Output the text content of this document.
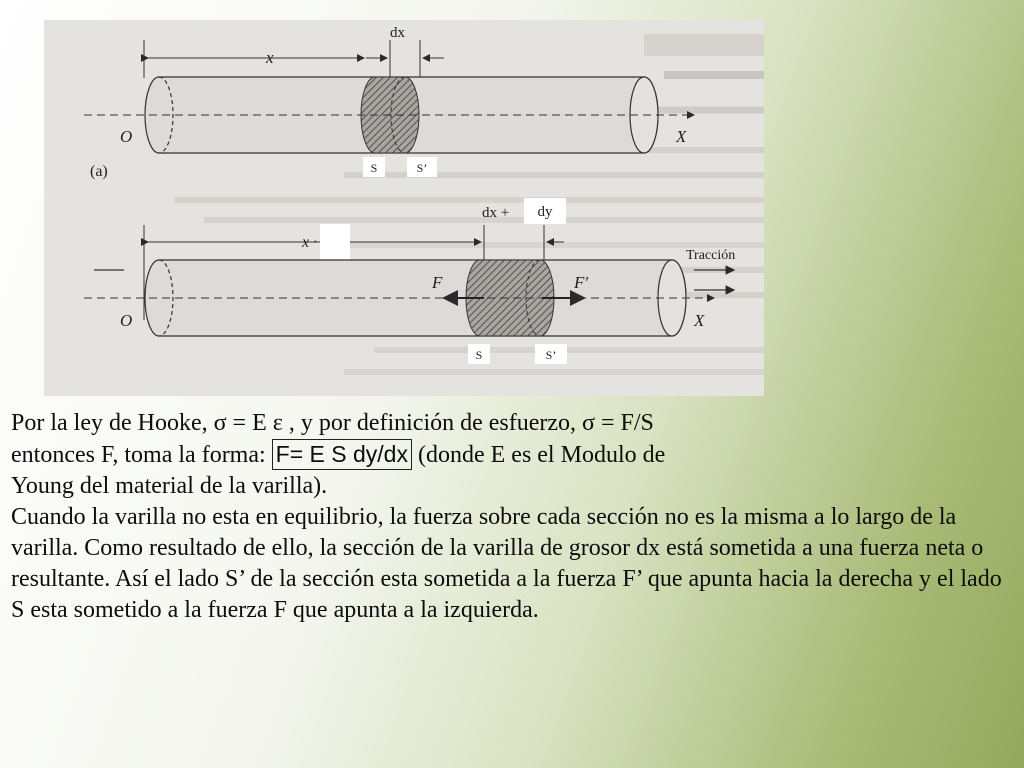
x
dx
O	X
(a)	S	S’
dx + dy
x ·
Tracción
F	F′
O	X
S	S’

Por la ley de Hooke, σ = E ε , y por definición de esfuerzo, σ = F/S

entonces F, toma la forma: F= E S dy/dx (donde E es el Modulo de

Young del material de la varilla).

Cuando la varilla no esta en equilibrio, la fuerza sobre cada sección no es la misma a lo largo de la varilla. Como resultado de ello, la sección de la varilla de grosor dx está sometida a una fuerza neta o resultante. Así el lado S’ de la sección esta sometida a la fuerza F’ que apunta hacia la derecha y el lado S esta sometido a la fuerza F que apunta a la izquierda.
